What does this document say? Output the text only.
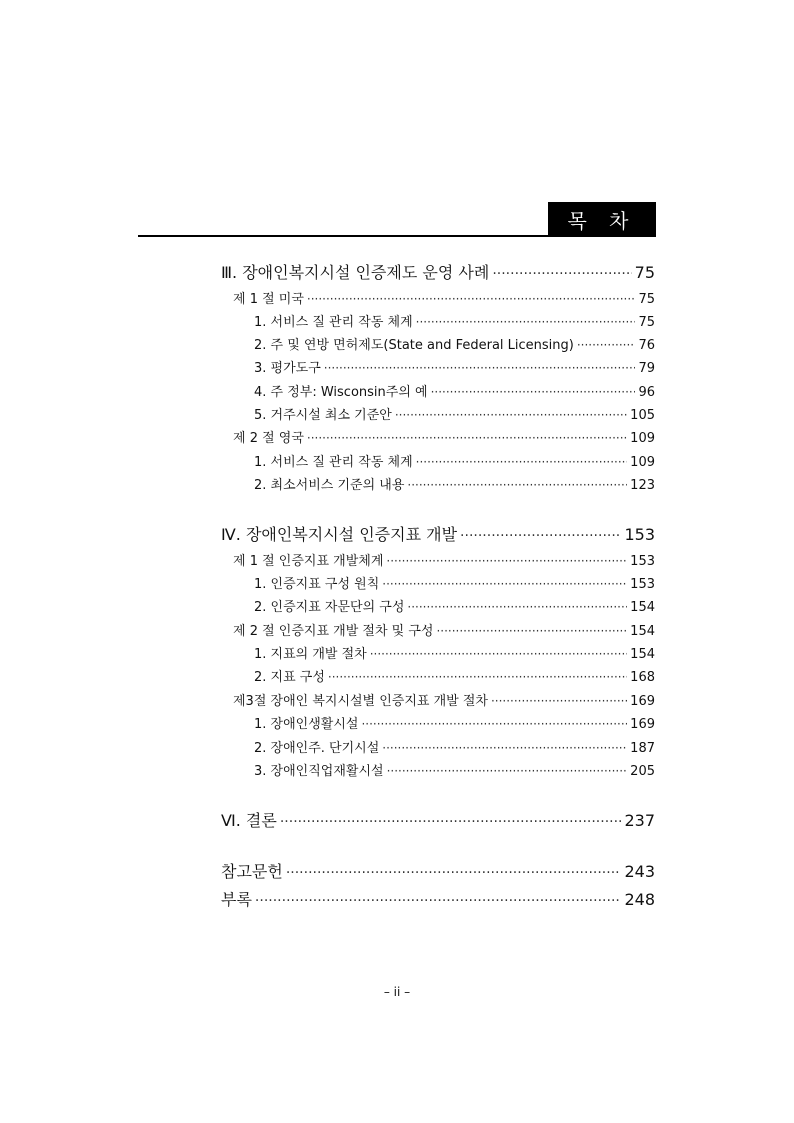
목 차
Ⅲ. 장애인복지시설 인증제도 운영 사례 ·····	75
제 1 절 미국 ·····	75
1. 서비스 질 관리 작동 체계 ·····	75
2. 주 및 연방 면허제도(State and Federal Licensing) ·····	76
3. 평가도구 ·····	79
4. 주 정부: Wisconsin주의 예 ·····	96
5. 거주시설 최소 기준안 ·····	105
제 2 절 영국 ·····	109
1. 서비스 질 관리 작동 체계 ·····	109
2. 최소서비스 기준의 내용 ·····	123
Ⅳ. 장애인복지시설 인증지표 개발 ·····	153
제 1 절 인증지표 개발체계 ·····	153
1. 인증지표 구성 원칙 ·····	153
2. 인증지표 자문단의 구성 ·····	154
제 2 절 인증지표 개발 절차 및 구성 ·····	154
1. 지표의 개발 절차 ·····	154
2. 지표 구성 ·····	168
제3절 장애인 복지시설별 인증지표 개발 절차 ·····	169
1. 장애인생활시설 ·····	169
2. 장애인주. 단기시설 ·····	187
3. 장애인직업재활시설 ·····	205
Ⅵ. 결론 ·····	237
참고문헌 ·····	243
부록 ·····	248
– ii –
